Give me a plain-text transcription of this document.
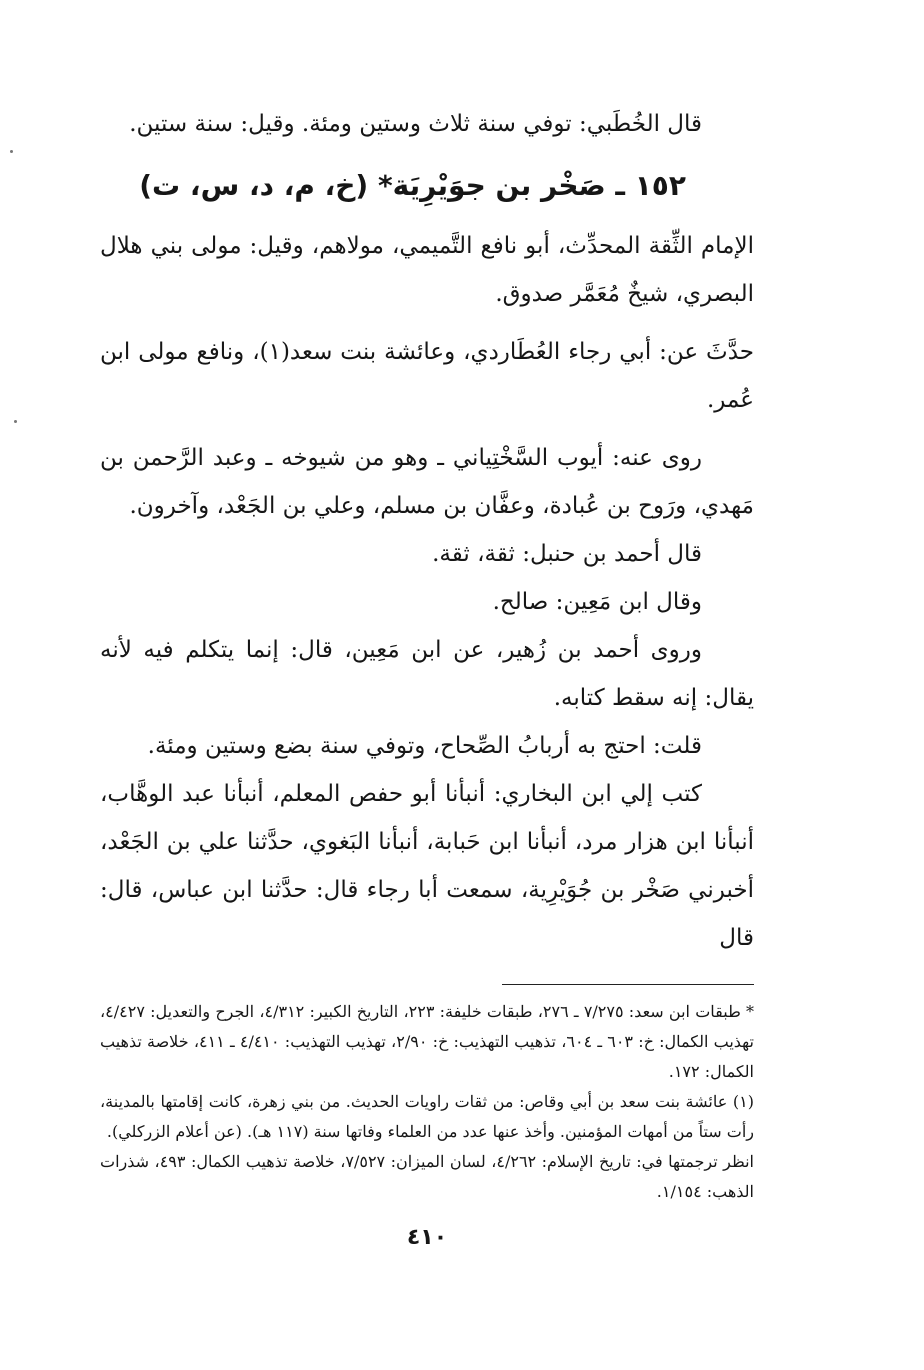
قال الخُطَبي: توفي سنة ثلاث وستين ومئة. وقيل: سنة ستين.

١٥٢ ـ صَخْر بن جوَيْرِيَة* (خ، م، د، س، ت)

الإمام الثِّقة المحدِّث، أبو نافع التَّميمي، مولاهم، وقيل: مولى بني هلال البصري، شيخٌ مُعَمَّر صدوق.

حدَّثَ عن: أبي رجاء العُطَاردي، وعائشة بنت سعد(١)، ونافع مولى ابن عُمر.

روى عنه: أيوب السَّخْتِياني ـ وهو من شيوخه ـ وعبد الرَّحمن بن مَهدي، ورَوح بن عُبادة، وعفَّان بن مسلم، وعلي بن الجَعْد، وآخرون.

قال أحمد بن حنبل: ثقة، ثقة.

وقال ابن مَعِين: صالح.

وروى أحمد بن زُهير، عن ابن مَعِين، قال: إنما يتكلم فيه لأنه يقال: إنه سقط كتابه.

قلت: احتج به أربابُ الصِّحاح، وتوفي سنة بضع وستين ومئة.

كتب إلي ابن البخاري: أنبأنا أبو حفص المعلم، أنبأنا عبد الوهَّاب، أنبأنا ابن هزار مرد، أنبأنا ابن حَبابة، أنبأنا البَغوي، حدَّثنا علي بن الجَعْد، أخبرني صَخْر بن جُوَيْرِية، سمعت أبا رجاء قال: حدَّثنا ابن عباس، قال: قال

* طبقات ابن سعد: ٧/٢٧٥ ـ ٢٧٦، طبقات خليفة: ٢٢٣، التاريخ الكبير: ٤/٣١٢، الجرح والتعديل: ٤/٤٢٧، تهذيب الكمال: خ: ٦٠٣ ـ ٦٠٤، تذهيب التهذيب: خ: ٢/٩٠، تهذيب التهذيب: ٤/٤١٠ ـ ٤١١، خلاصة تذهيب الكمال: ١٧٢.

(١) عائشة بنت سعد بن أبي وقاص: من ثقات راويات الحديث. من بني زهرة، كانت إقامتها بالمدينة، رأت ستاً من أمهات المؤمنين. وأخذ عنها عدد من العلماء وفاتها سنة (١١٧ هـ). (عن أعلام الزركلي).

انظر ترجمتها في: تاريخ الإسلام: ٤/٢٦٢، لسان الميزان: ٧/٥٢٧، خلاصة تذهيب الكمال: ٤٩٣، شذرات الذهب: ١/١٥٤.

٤١٠
